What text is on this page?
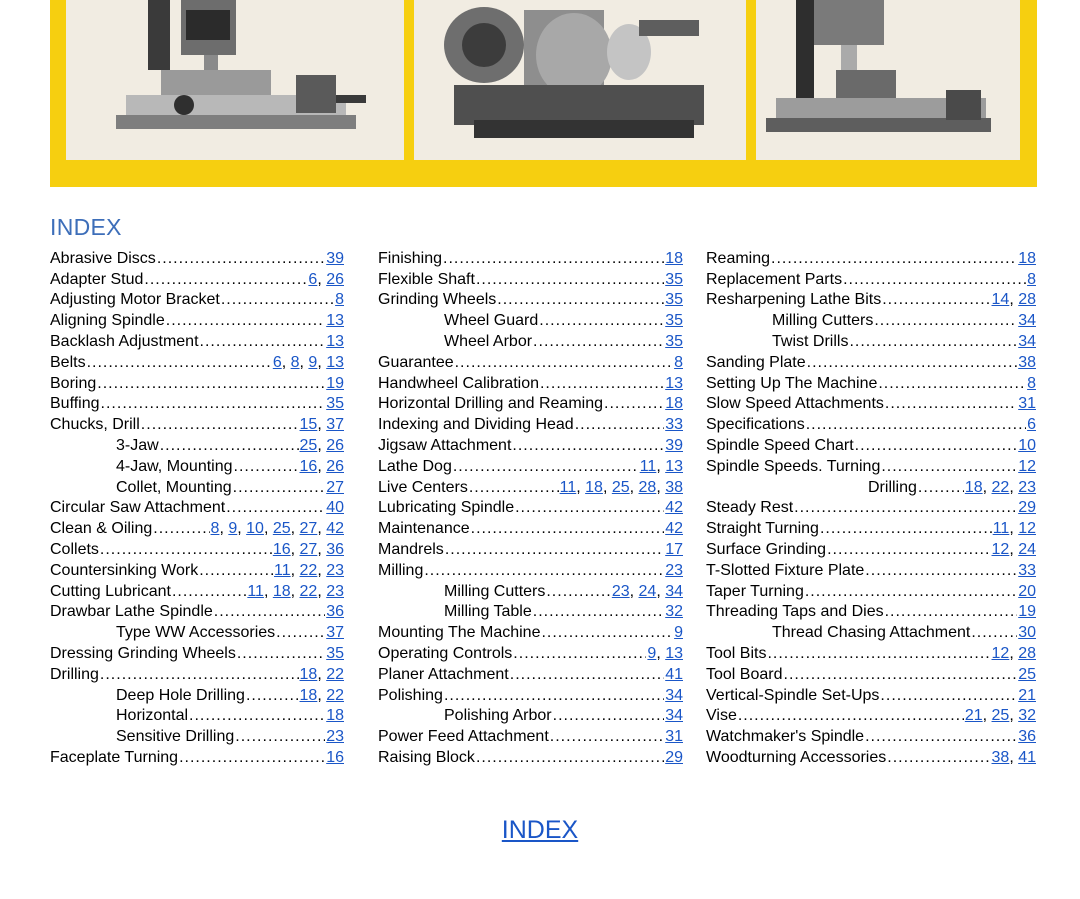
INDEX
Abrasive Discs .....	39
Adapter Stud .....	6, 26
Adjusting Motor Bracket .....	8
Aligning Spindle .....	13
Backlash Adjustment .....	13
Belts .....	6, 8, 9, 13
Boring .....	19
Buffing .....	35
Chucks, Drill .....	15, 37
3-Jaw .....	25, 26
4-Jaw, Mounting .....	16, 26
Collet, Mounting .....	27
Circular Saw Attachment .....	40
Clean & Oiling .....	8, 9, 10, 25, 27, 42
Collets .....	16, 27, 36
Countersinking Work .....	11, 22, 23
Cutting Lubricant .....	11, 18, 22, 23
Drawbar Lathe Spindle .....	36
Type WW Accessories .....	37
Dressing Grinding Wheels .....	35
Drilling .....	18, 22
Deep Hole Drilling .....	18, 22
Horizontal .....	18
Sensitive Drilling .....	23
Faceplate Turning .....	16
Finishing .....	18
Flexible Shaft .....	35
Grinding Wheels .....	35
Wheel Guard .....	35
Wheel Arbor .....	35
Guarantee .....	8
Handwheel Calibration .....	13
Horizontal Drilling and Reaming .....	18
Indexing and Dividing Head .....	33
Jigsaw Attachment .....	39
Lathe Dog .....	11, 13
Live Centers .....	11, 18, 25, 28, 38
Lubricating Spindle .....	42
Maintenance .....	42
Mandrels .....	17
Milling .....	23
Milling Cutters .....	23, 24, 34
Milling Table .....	32
Mounting The Machine .....	9
Operating Controls .....	9, 13
Planer Attachment .....	41
Polishing .....	34
Polishing Arbor .....	34
Power Feed Attachment .....	31
Raising Block .....	29
Reaming .....	18
Replacement Parts .....	8
Resharpening Lathe Bits .....	14, 28
Milling Cutters .....	34
Twist Drills .....	34
Sanding Plate .....	38
Setting Up The Machine .....	8
Slow Speed Attachments .....	31
Specifications .....	6
Spindle Speed Chart .....	10
Spindle Speeds. Turning .....	12
Drilling .....	18, 22, 23
Steady Rest .....	29
Straight Turning .....	11, 12
Surface Grinding .....	12, 24
T-Slotted Fixture Plate .....	33
Taper Turning .....	20
Threading Taps and Dies .....	19
Thread Chasing Attachment .....	30
Tool Bits .....	12, 28
Tool Board .....	25
Vertical-Spindle Set-Ups .....	21
Vise .....	21, 25, 32
Watchmaker's Spindle .....	36
Woodturning Accessories .....	38, 41
INDEX
